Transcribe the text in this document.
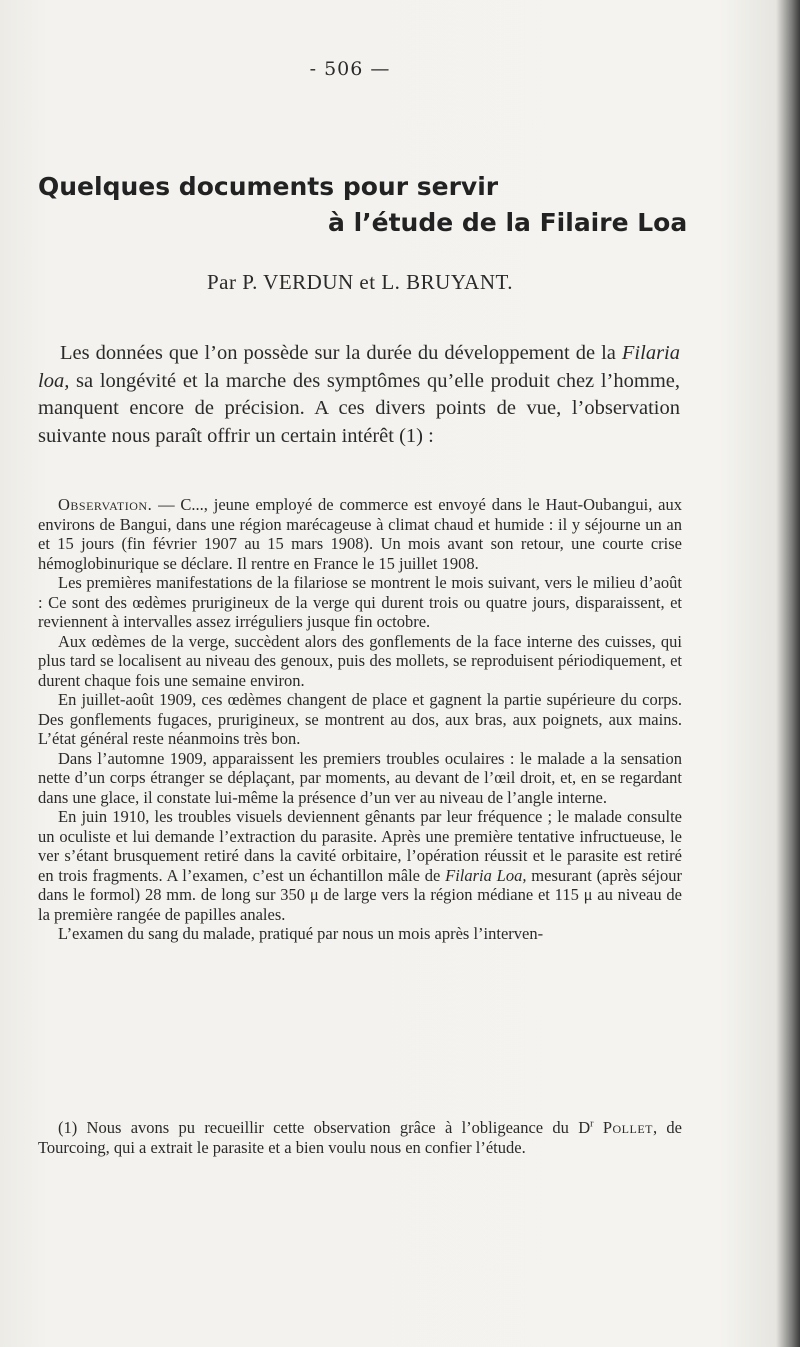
- 506 —
Quelques documents pour servir
à l’étude de la Filaire Loa
Par P. VERDUN et L. BRUYANT.
Les données que l’on possède sur la durée du développement de la Filaria loa, sa longévité et la marche des symptômes qu’elle produit chez l’homme, manquent encore de précision. A ces divers points de vue, l’observation suivante nous paraît offrir un certain intérêt (1) :

Observation. — C..., jeune employé de commerce est envoyé dans le Haut-Oubangui, aux environs de Bangui, dans une région marécageuse à climat chaud et humide : il y séjourne un an et 15 jours (fin février 1907 au 15 mars 1908). Un mois avant son retour, une courte crise hémoglobinurique se déclare. Il rentre en France le 15 juillet 1908.

Les premières manifestations de la filariose se montrent le mois suivant, vers le milieu d’août : Ce sont des œdèmes prurigineux de la verge qui durent trois ou quatre jours, disparaissent, et reviennent à intervalles assez irréguliers jusque fin octobre.

Aux œdèmes de la verge, succèdent alors des gonflements de la face interne des cuisses, qui plus tard se localisent au niveau des genoux, puis des mollets, se reproduisent périodiquement, et durent chaque fois une semaine environ.

En juillet-août 1909, ces œdèmes changent de place et gagnent la partie supérieure du corps. Des gonflements fugaces, prurigineux, se montrent au dos, aux bras, aux poignets, aux mains. L’état général reste néanmoins très bon.

Dans l’automne 1909, apparaissent les premiers troubles oculaires : le malade a la sensation nette d’un corps étranger se déplaçant, par moments, au devant de l’œil droit, et, en se regardant dans une glace, il constate lui-même la présence d’un ver au niveau de l’angle interne.

En juin 1910, les troubles visuels deviennent gênants par leur fréquence ; le malade consulte un oculiste et lui demande l’extraction du parasite. Après une première tentative infructueuse, le ver s’étant brusquement retiré dans la cavité orbitaire, l’opération réussit et le parasite est retiré en trois fragments. A l’examen, c’est un échantillon mâle de Filaria Loa, mesurant (après séjour dans le formol) 28 mm. de long sur 350 μ de large vers la région médiane et 115 μ au niveau de la première rangée de papilles anales.

L’examen du sang du malade, pratiqué par nous un mois après l’interven-

(1) Nous avons pu recueillir cette observation grâce à l’obligeance du $D^r$ Pollet, de Tourcoing, qui a extrait le parasite et a bien voulu nous en confier l’étude.
